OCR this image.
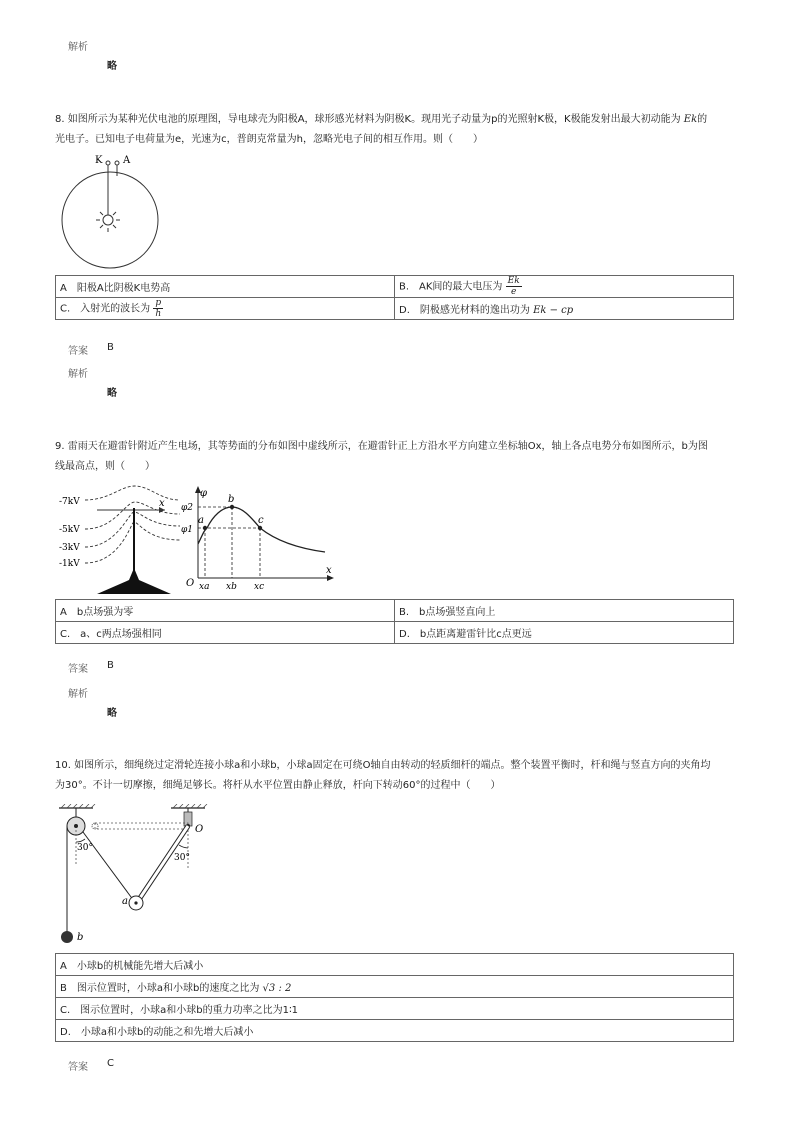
解析
略
8. 如图所示为某种光伏电池的原理图，导电球壳为阳极A，球形感光材料为阴极K。现用光子动量为p的光照射K极，K极能发射出最大初动能为 Ek的
光电子。已知电子电荷量为e，光速为c，普朗克常量为h，忽略光电子间的相互作用。则（　　）
K A
A　阳极A比阴极K电势高	B.　AK间的最大电压为 $\frac{Ek}{e}$

C.　入射光的波长为 $\frac{p}{h}$	D.　阴极感光材料的逸出功为 Ek − cp
答案 B
解析
略
9. 雷雨天在避雷针附近产生电场，其等势面的分布如图中虚线所示，在避雷针正上方沿水平方向建立坐标轴Ox，轴上各点电势分布如图所示，b为图
线最高点，则（　　）
-7kV
-5kV
-3kV
-1kV
x
φ
x
O
φ2
φ1
a
b
c
xa xb xc
A　b点场强为零	B.　b点场强竖直向上
C.　a、c两点场强相同	D.　b点距离避雷针比c点更远
答案 B
解析
略
10. 如图所示，细绳绕过定滑轮连接小球a和小球b，小球a固定在可绕O轴自由转动的轻质细杆的端点。整个装置平衡时，杆和绳与竖直方向的夹角均
为30°。不计一切摩擦，细绳足够长。将杆从水平位置由静止释放，杆向下转动60°的过程中（　　）
b
O
a
30°
30°
A　小球b的机械能先增大后减小
B　图示位置时，小球a和小球b的速度之比为 √3 : 2
C.　图示位置时，小球a和小球b的重力功率之比为1∶1
D.　小球a和小球b的动能之和先增大后减小
答案 C
